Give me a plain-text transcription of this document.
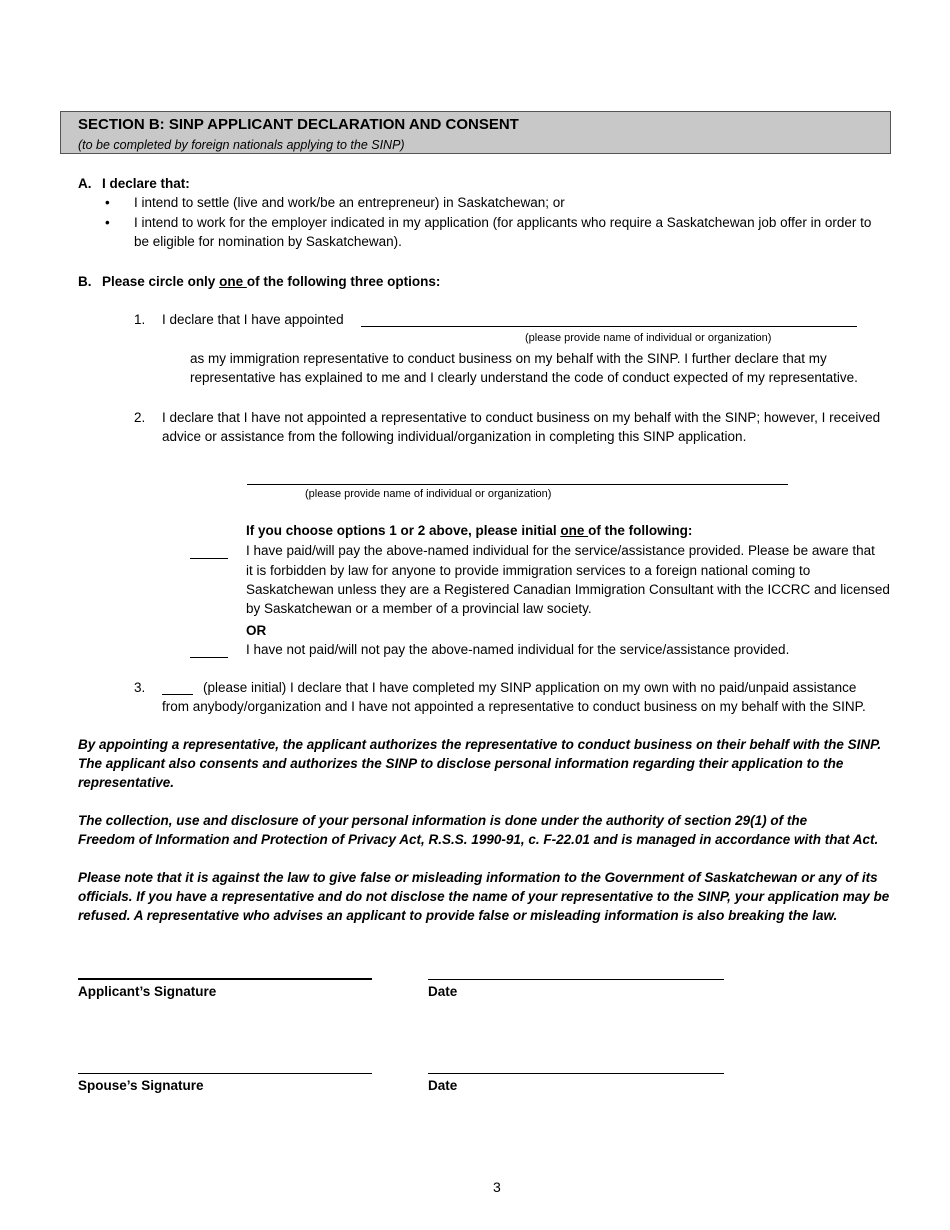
SECTION B: SINP APPLICANT DECLARATION AND CONSENT
(to be completed by foreign nationals applying to the SINP)
A. I declare that:
• I intend to settle (live and work/be an entrepreneur) in Saskatchewan; or
• I intend to work for the employer indicated in my application (for applicants who require a Saskatchewan job offer in order to
be eligible for nomination by Saskatchewan).
B. Please circle only one of the following three options:
1. I declare that I have appointed
(please provide name of individual or organization)
as my immigration representative to conduct business on my behalf with the SINP. I further declare that my
representative has explained to me and I clearly understand the code of conduct expected of my representative.
2. I declare that I have not appointed a representative to conduct business on my behalf with the SINP; however, I received
advice or assistance from the following individual/organization in completing this SINP application.
(please provide name of individual or organization)
If you choose options 1 or 2 above, please initial one of the following:
I have paid/will pay the above-named individual for the service/assistance provided. Please be aware that
it is forbidden by law for anyone to provide immigration services to a foreign national coming to
Saskatchewan unless they are a Registered Canadian Immigration Consultant with the ICCRC and licensed
by Saskatchewan or a member of a provincial law society.
OR
I have not paid/will not pay the above-named individual for the service/assistance provided.
3.	(please initial) I declare that I have completed my SINP application on my own with no paid/unpaid assistance
from anybody/organization and I have not appointed a representative to conduct business on my behalf with the SINP.
By appointing a representative, the applicant authorizes the representative to conduct business on their behalf with the SINP.
The applicant also consents and authorizes the SINP to disclose personal information regarding their application to the
representative.
The collection, use and disclosure of your personal information is done under the authority of section 29(1) of the
Freedom of Information and Protection of Privacy Act, R.S.S. 1990-91, c. F-22.01 and is managed in accordance with that Act.
Please note that it is against the law to give false or misleading information to the Government of Saskatchewan or any of its
officials. If you have a representative and do not disclose the name of your representative to the SINP, your application may be
refused. A representative who advises an applicant to provide false or misleading information is also breaking the law.
Applicant’s Signature	Date
Spouse’s Signature	Date
3
